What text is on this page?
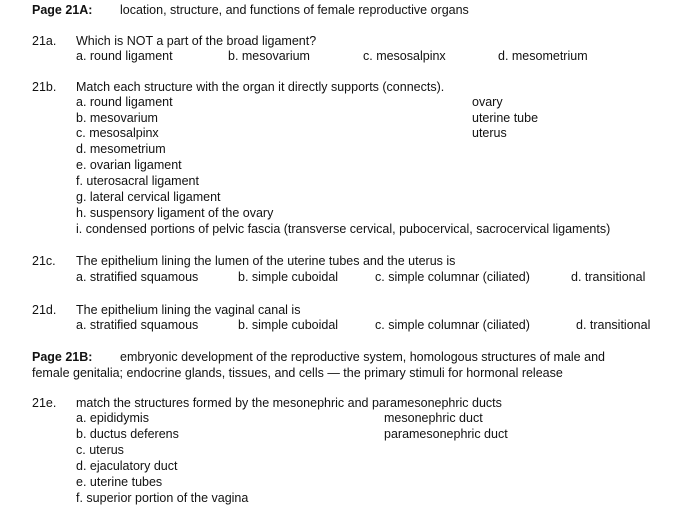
Page 21A: location, structure, and functions of female reproductive organs
21a. Which is NOT a part of the broad ligament?
a. round ligament	b. mesovarium	c. mesosalpinx	d. mesometrium
21b. Match each structure with the organ it directly supports (connects).
a. round ligament
b. mesovarium
c. mesosalpinx
d. mesometrium
e. ovarian ligament
f. uterosacral ligament
g. lateral cervical ligament
h. suspensory ligament of the ovary
i. condensed portions of pelvic fascia (transverse cervical, pubocervical, sacrocervical ligaments)
ovary
uterine tube
uterus
21c. The epithelium lining the lumen of the uterine tubes and the uterus is
a. stratified squamous	b. simple cuboidal	c. simple columnar (ciliated)	d. transitional
21d. The epithelium lining the vaginal canal is
a. stratified squamous	b. simple cuboidal	c. simple columnar (ciliated)	d. transitional
Page 21B: embryonic development of the reproductive system, homologous structures of male and
female genitalia; endocrine glands, tissues, and cells — the primary stimuli for hormonal release
21e. match the structures formed by the mesonephric and paramesonephric ducts
a. epididymis
b. ductus deferens
c. uterus
d. ejaculatory duct
e. uterine tubes
f. superior portion of the vagina
mesonephric duct
paramesonephric duct
